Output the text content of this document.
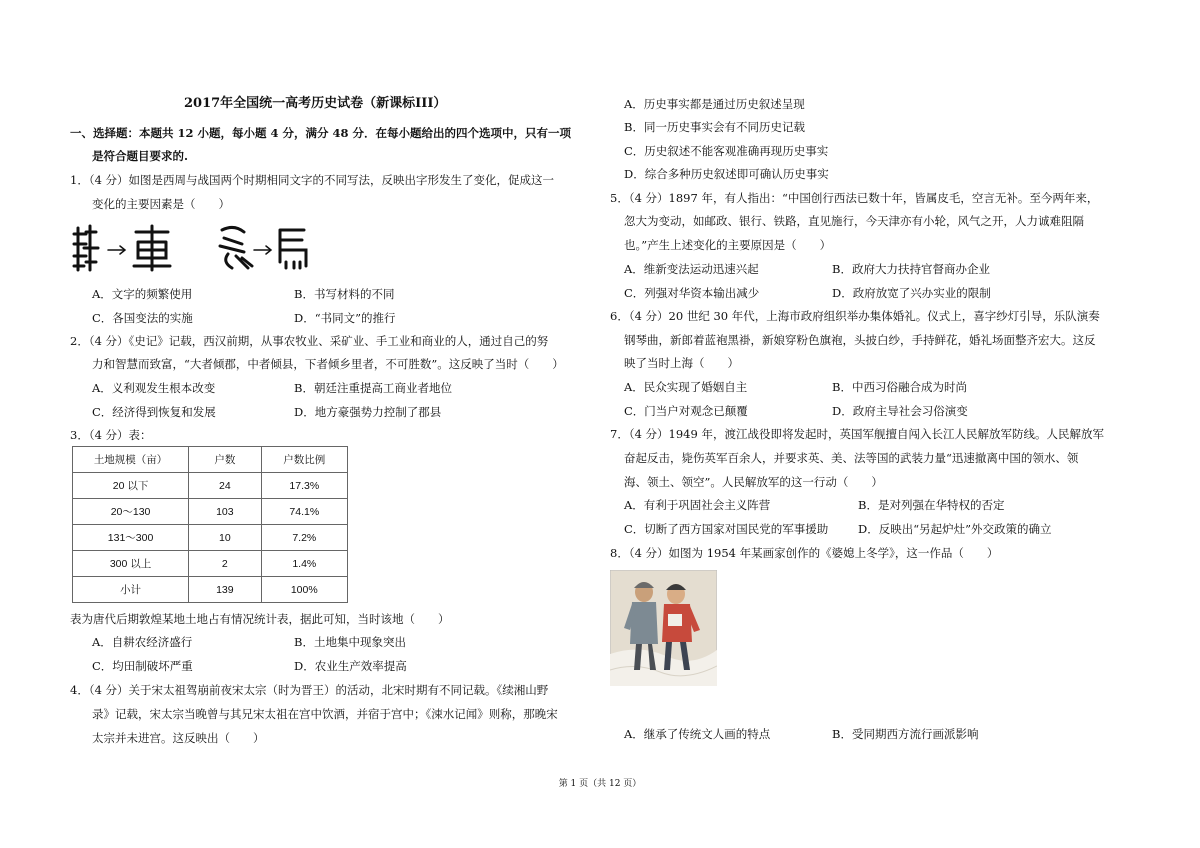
2017年全国统一高考历史试卷（新课标III）
一、选择题：本题共 12 小题，每小题 4 分，满分 48 分．在每小题给出的四个选项中，只有一项
是符合题目要求的.
1．（4 分）如图是西周与战国两个时期相同文字的不同写法，反映出字形发生了变化，促成这一
变化的主要因素是（　　）
A．文字的频繁使用	B．书写材料的不同
C．各国变法的实施	D．“书同文”的推行
2．（4 分）《史记》记载，西汉前期，从事农牧业、采矿业、手工业和商业的人，通过自己的努
力和智慧而致富，“大者倾郡，中者倾县，下者倾乡里者，不可胜数”。这反映了当时（　　）
A．义利观发生根本改变	B．朝廷注重提高工商业者地位
C．经济得到恢复和发展	D．地方豪强势力控制了郡县
3．（4 分）表：
土地规模（亩）	户数	户数比例
20 以下	24	17.3%
20～130	103	74.1%
131～300	10	7.2%
300 以上	2	1.4%
小计	139	100%
表为唐代后期敦煌某地土地占有情况统计表，据此可知，当时该地（　　）
A．自耕农经济盛行	B．土地集中现象突出
C．均田制破坏严重	D．农业生产效率提高
4．（4 分）关于宋太祖驾崩前夜宋太宗（时为晋王）的活动，北宋时期有不同记载。《续湘山野
录》记载，宋太宗当晚曾与其兄宋太祖在宫中饮酒，并宿于宫中；《涑水记闻》则称，那晚宋
太宗并未进宫。这反映出（　　）
A．历史事实都是通过历史叙述呈现
B．同一历史事实会有不同历史记载
C．历史叙述不能客观准确再现历史事实
D．综合多种历史叙述即可确认历史事实
5．（4 分）1897 年，有人指出：“中国创行西法已数十年，皆属皮毛，空言无补。至今两年来，
忽大为变动，如邮政、银行、铁路，直见施行，今天津亦有小轮，风气之开，人力诚难阻隔
也。”产生上述变化的主要原因是（　　）
A．维新变法运动迅速兴起	B．政府大力扶持官督商办企业
C．列强对华资本输出减少	D．政府放宽了兴办实业的限制
6．（4 分）20 世纪 30 年代，上海市政府组织举办集体婚礼。仪式上，喜字纱灯引导，乐队演奏
钢琴曲，新郎着蓝袍黑褂，新娘穿粉色旗袍，头披白纱，手持鲜花，婚礼场面整齐宏大。这反
映了当时上海（　　）
A．民众实现了婚姻自主	B．中西习俗融合成为时尚
C．门当户对观念已颠覆	D．政府主导社会习俗演变
7．（4 分）1949 年，渡江战役即将发起时，英国军舰擅自闯入长江人民解放军防线。人民解放军
奋起反击，毙伤英军百余人，并要求英、美、法等国的武装力量“迅速撤离中国的领水、领
海、领土、领空”。人民解放军的这一行动（　　）
A．有利于巩固社会主义阵营	B．是对列强在华特权的否定
C．切断了西方国家对国民党的军事援助	D．反映出“另起炉灶”外交政策的确立
8．（4 分）如图为 1954 年某画家创作的《婆媳上冬学》，这一作品（　　）
A．继承了传统文人画的特点	B．受同期西方流行画派影响
第 1 页（共 12 页）
